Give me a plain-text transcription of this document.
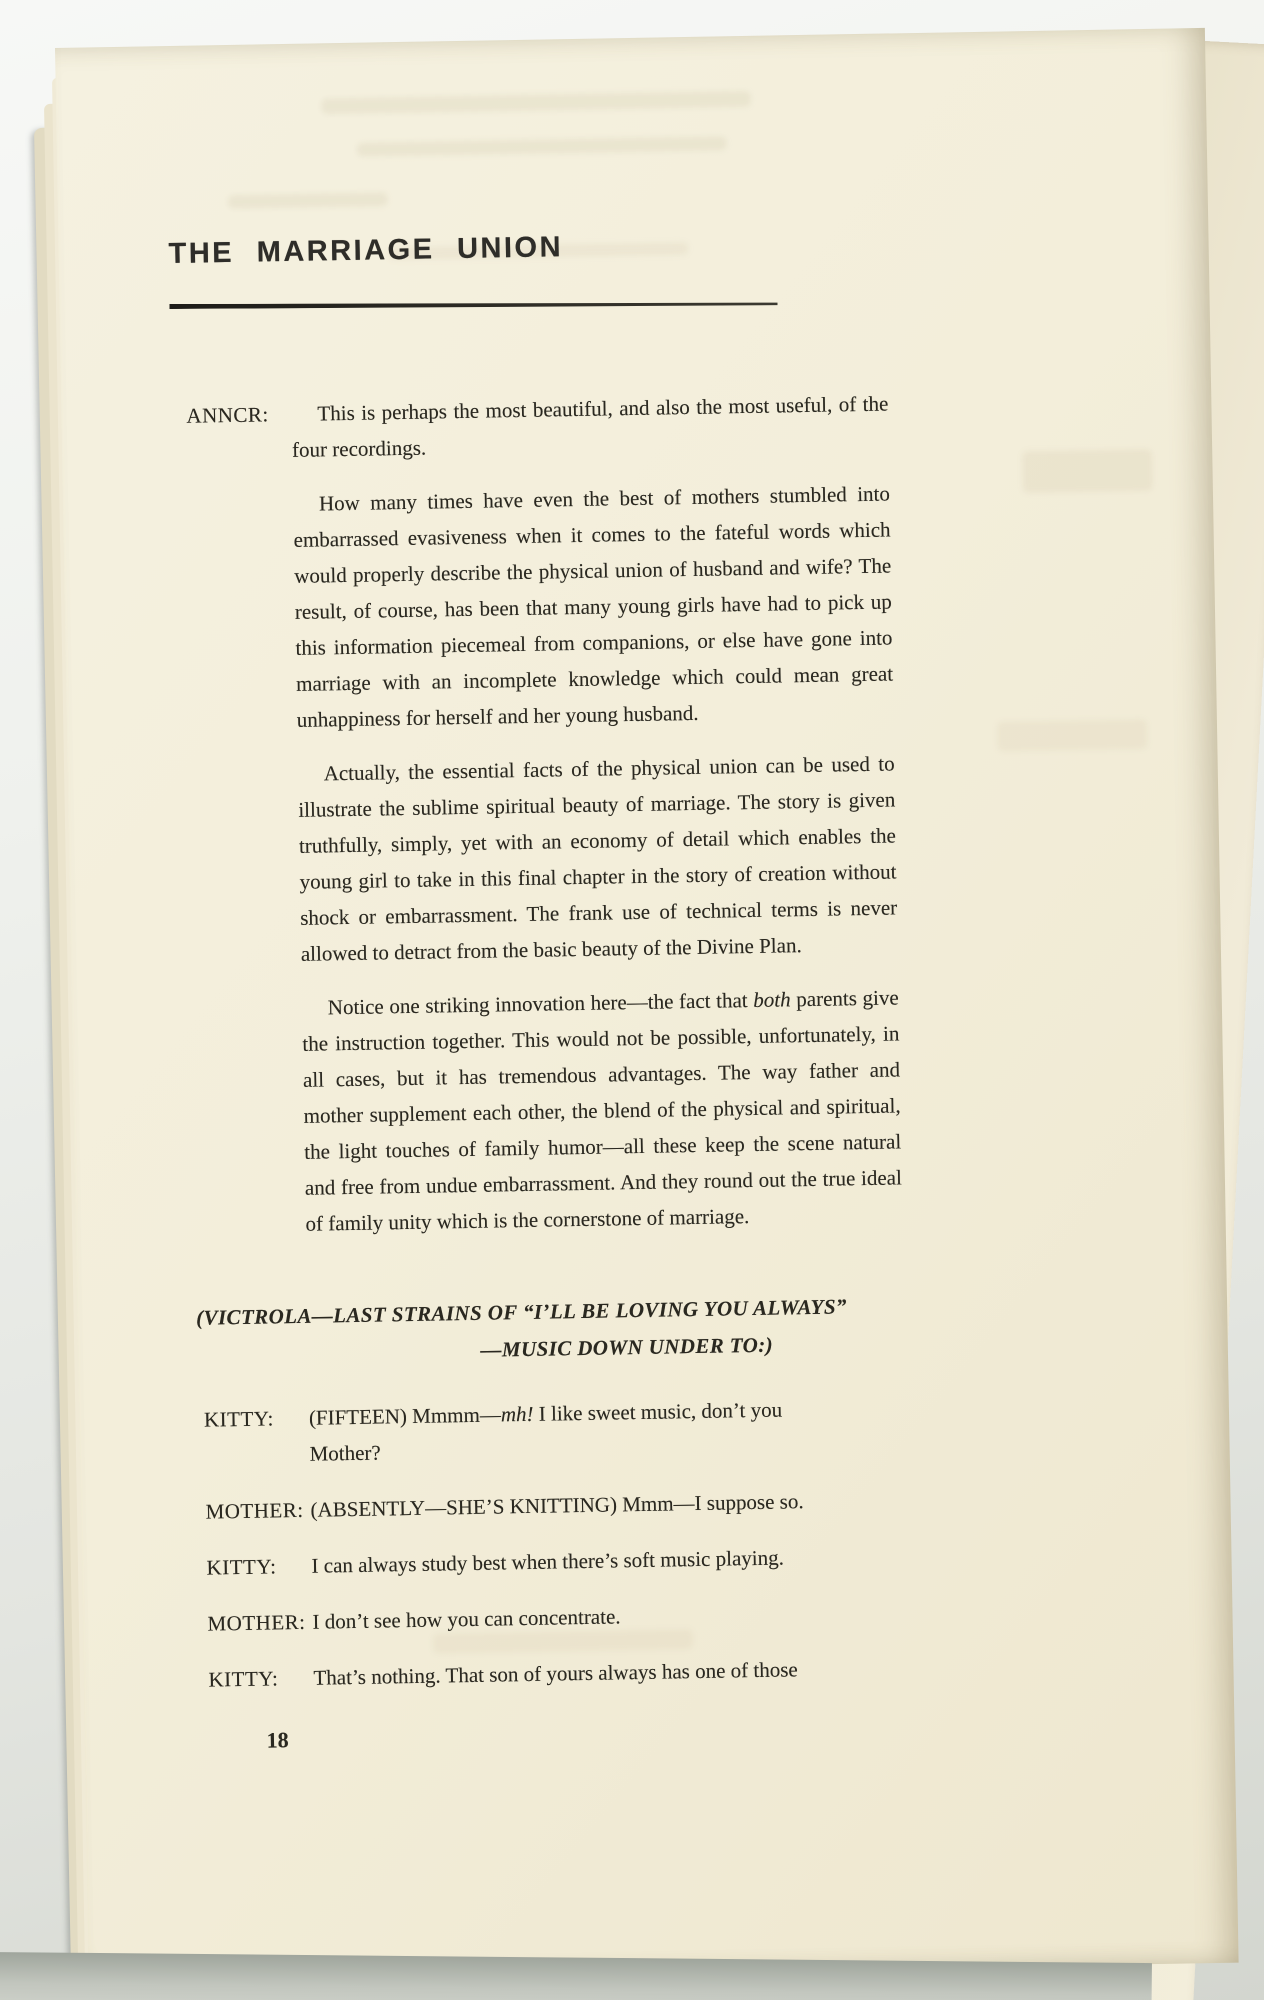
THE MARRIAGE UNION
ANNCR:	This is perhaps the most beautiful, and also the most useful, of the four recordings.

How many times have even the best of mothers stumbled into embarrassed evasiveness when it comes to the fateful words which would properly describe the physical union of husband and wife? The result, of course, has been that many young girls have had to pick up this information piecemeal from companions, or else have gone into marriage with an incomplete knowledge which could mean great unhappiness for herself and her young husband.

Actually, the essential facts of the physical union can be used to illustrate the sublime spiritual beauty of marriage. The story is given truthfully, simply, yet with an economy of detail which enables the young girl to take in this final chapter in the story of creation without shock or embarrassment. The frank use of technical terms is never allowed to detract from the basic beauty of the Divine Plan.

Notice one striking innovation here—the fact that both parents give the instruction together. This would not be possible, unfortunately, in all cases, but it has tremendous advantages. The way father and mother supplement each other, the blend of the physical and spiritual, the light touches of family humor—all these keep the scene natural and free from undue embarrassment. And they round out the true ideal of family unity which is the cornerstone of marriage.

(VICTROLA—LAST STRAINS OF “I’LL BE LOVING YOU ALWAYS”
—MUSIC DOWN UNDER TO:)
KITTY:	(FIFTEEN) Mmmm—mh! I like sweet music, don’t you

Mother?

MOTHER: (ABSENTLY—SHE’S KNITTING) Mmm—I suppose so.

KITTY:	I can always study best when there’s soft music playing.

MOTHER: I don’t see how you can concentrate.

KITTY:	That’s nothing. That son of yours always has one of those

18
